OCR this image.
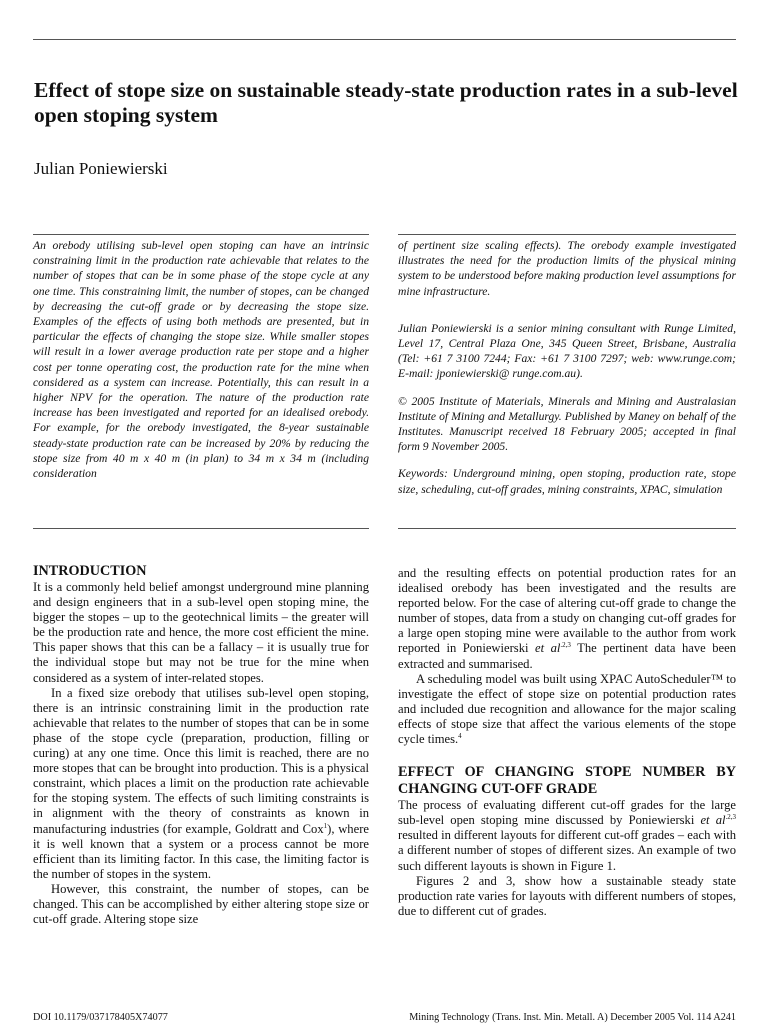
Effect of stope size on sustainable steady-state production rates in a sub-level open stoping system

Julian Poniewierski

An orebody utilising sub-level open stoping can have an intrinsic constraining limit in the production rate achievable that relates to the number of stopes that can be in some phase of the stope cycle at any one time. This constraining limit, the number of stopes, can be changed by decreasing the cut-off grade or by decreasing the stope size. Examples of the effects of using both methods are presented, but in particular the effects of changing the stope size. While smaller stopes will result in a lower average production rate per stope and a higher cost per tonne operating cost, the production rate for the mine when considered as a system can increase. Potentially, this can result in a higher NPV for the operation. The nature of the production rate increase has been investigated and reported for an idealised orebody. For example, for the orebody investigated, the 8-year sustainable steady-state production rate can be increased by 20% by reducing the stope size from 40 m x 40 m (in plan) to 34 m x 34 m (including consideration

of pertinent size scaling effects). The orebody example investigated illustrates the need for the production limits of the physical mining system to be understood before making production level assumptions for mine infrastructure.

Julian Poniewierski is a senior mining consultant with Runge Limited, Level 17, Central Plaza One, 345 Queen Street, Brisbane, Australia (Tel: +61 7 3100 7244; Fax: +61 7 3100 7297; web: www.runge.com; E-mail: jponiewierski@ runge.com.au).

© 2005 Institute of Materials, Minerals and Mining and Australasian Institute of Mining and Metallurgy. Published by Maney on behalf of the Institutes. Manuscript received 18 February 2005; accepted in final form 9 November 2005.

Keywords: Underground mining, open stoping, production rate, stope size, scheduling, cut-off grades, mining constraints, XPAC, simulation

INTRODUCTION

It is a commonly held belief amongst underground mine planning and design engineers that in a sub-level open stoping mine, the bigger the stopes – up to the geotechnical limits – the greater will be the production rate and hence, the more cost efficient the mine. This paper shows that this can be a fallacy – it is usually true for the individual stope but may not be true for the mine when considered as a system of inter-related stopes.

In a fixed size orebody that utilises sub-level open stoping, there is an intrinsic constraining limit in the production rate achievable that relates to the number of stopes that can be in some phase of the stope cycle (preparation, production, filling or curing) at any one time. Once this limit is reached, there are no more stopes that can be brought into production. This is a physical constraint, which places a limit on the production rate achievable for the stoping system. The effects of such limiting constraints is in alignment with the theory of constraints as known in manufacturing industries (for example, Goldratt and Cox$^1$), where it is well known that a system or a process cannot be more efficient than its limiting factor. In this case, the limiting factor is the number of stopes in the system.

However, this constraint, the number of stopes, can be changed. This can be accomplished by either altering stope size or cut-off grade. Altering stope size

and the resulting effects on potential production rates for an idealised orebody has been investigated and the results are reported below. For the case of altering cut-off grade to change the number of stopes, data from a study on changing cut-off grades for a large open stoping mine were available to the author from work reported in Poniewierski et $al^{.2,3}$ The pertinent data have been extracted and summarised.

A scheduling model was built using XPAC AutoScheduler™ to investigate the effect of stope size on potential production rates and included due recognition and allowance for the major scaling effects of stope size that affect the various elements of the stope cycle times.$^4$

EFFECT OF CHANGING STOPE NUMBER BY CHANGING CUT-OFF GRADE

The process of evaluating different cut-off grades for the large sub-level open stoping mine discussed by Poniewierski et $al^{.2,3}$ resulted in different layouts for different cut-off grades – each with a different number of stopes of different sizes. An example of two such different layouts is shown in Figure 1.

Figures 2 and 3, show how a sustainable steady state production rate varies for layouts with different numbers of stopes, due to different cut of grades.

DOI 10.1179/037178405X74077	Mining Technology (Trans. Inst. Min. Metall. A) December 2005 Vol. 114 A241
